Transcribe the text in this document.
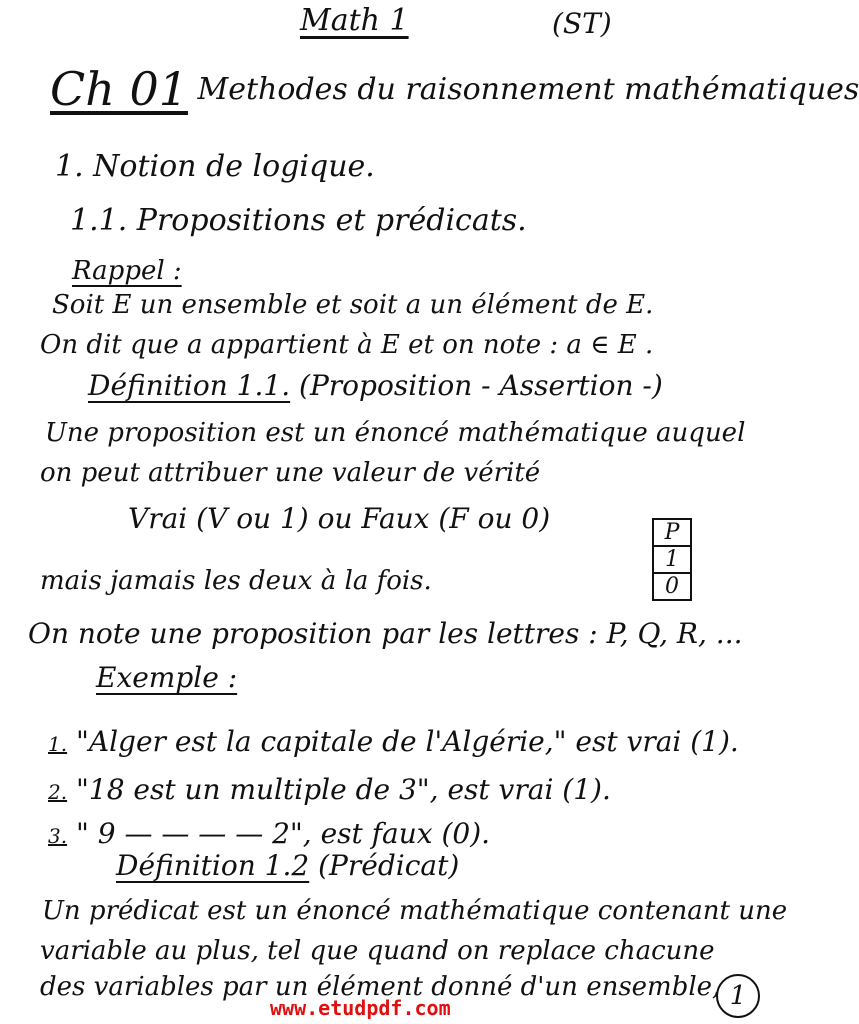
Math 1	(ST)
Ch 01 Methodes du raisonnement mathématiques
1. Notion de logique.
1.1. Propositions et prédicats.
Rappel :
Soit E un ensemble et soit a un élément de E.
On dit que a appartient à E et on note : a ∈ E .
Définition 1.1. (Proposition - Assertion -)
Une proposition est un énoncé mathématique auquel
on peut attribuer une valeur de vérité
Vrai (V ou 1) ou Faux (F ou 0)
mais jamais les deux à la fois.
On note une proposition par les lettres : P, Q, R, ...
P
1
0
Exemple :
1. "Alger est la capitale de l'Algérie," est vrai (1).
2. "18 est un multiple de 3", est vrai (1).
3. " 9 — — — — 2", est faux (0).
Définition 1.2 (Prédicat)
Un prédicat est un énoncé mathématique contenant une
variable au plus, tel que quand on replace chacune
des variables par un élément donné d'un ensemble,
www.etudpdf.com	1
